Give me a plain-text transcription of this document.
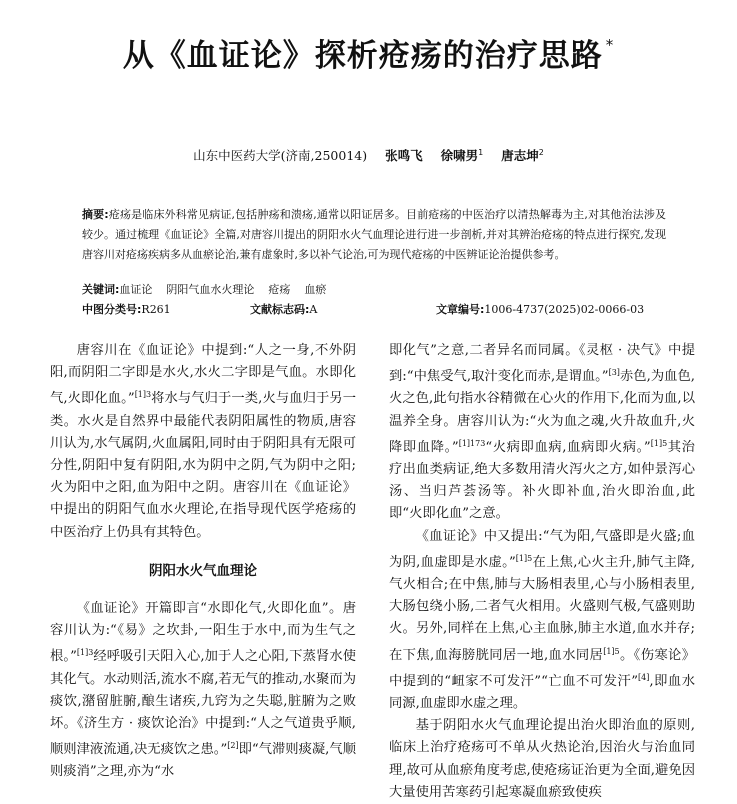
从《血证论》探析疮疡的治疗思路 *
山东中医药大学(济南,250014) 张鸣飞 徐啸男$^1$ 唐志坤$^2$
摘要:疮疡是临床外科常见病证,包括肿疡和溃疡,通常以阳证居多。目前疮疡的中医治疗以清热解毒为主,对其他治法涉及较少。通过梳理《血证论》全篇,对唐容川提出的阴阳水火气血理论进行进一步剖析,并对其辨治疮疡的特点进行探究,发现唐容川对疮疡疾病多从血瘀论治,兼有虚象时,多以补气论治,可为现代疮疡的中医辨证论治提供参考。
关键词:血证论 阴阳气血水火理论 疮疡 血瘀
中图分类号:R261	文献标志码:A	文章编号:1006-4737(2025)02-0066-03

唐容川在《血证论》中提到:“人之一身,不外阴阳,而阴阳二字即是水火,水火二字即是气血。水即化气,火即化血。”$^{[1]3}$将水与气归于一类,火与血归于另一类。水火是自然界中最能代表阴阳属性的物质,唐容川认为,水气属阴,火血属阳,同时由于阴阳具有无限可分性,阴阳中复有阴阳,水为阴中之阴,气为阴中之阳;火为阳中之阳,血为阳中之阴。唐容川在《血证论》中提出的阴阳气血水火理论,在指导现代医学疮疡的中医治疗上仍具有其特色。

阴阳水火气血理论

《血证论》开篇即言“水即化气,火即化血”。唐容川认为:“《易》之坎卦,一阳生于水中,而为生气之根。”$^{[1]3}$经呼吸引天阳入心,加于人之心阳,下蒸肾水使其化气。水动则活,流水不腐,若无气的推动,水聚而为痰饮,潴留脏腑,酿生诸疾,九窍为之失聪,脏腑为之败坏。《济生方 · 痰饮论治》中提到:“人之气道贵乎顺,顺则津液流通,决无痰饮之患。”[2]即“气滞则痰凝,气顺则痰消”之理,亦为“水

即化气”之意,二者异名而同属。《灵枢 · 决气》中提到:“中焦受气,取汁变化而赤,是谓血。”[3]赤色,为血色,火之色,此句指水谷精微在心火的作用下,化而为血,以温养全身。唐容川认为:“火为血之魂,火升故血升,火降即血降。”$^{[1]173}$“火病即血病,血病即火病。”$^{[1]5}$其治疗出血类病证,绝大多数用清火泻火之方,如仲景泻心汤、当归芦荟汤等。补火即补血,治火即治血,此即“火即化血”之意。

《血证论》中又提出:“气为阳,气盛即是火盛;血为阴,血虚即是水虚。”$^{[1]5}$在上焦,心火主升,肺气主降,气火相合;在中焦,肺与大肠相表里,心与小肠相表里,大肠包绕小肠,二者气火相用。火盛则气极,气盛则助火。另外,同样在上焦,心主血脉,肺主水道,血水并存;在下焦,血海膀胱同居一地,血水同居$^{[1]5}$。《伤寒论》中提到的“衄家不可发汗”“亡血不可发汗”[4],即血水同源,血虚即水虚之理。

基于阴阳水火气血理论提出治火即治血的原则,临床上治疗疮疡可不单从火热论治,因治火与治血同理,故可从血瘀角度考虑,使疮疡证治更为全面,避免因大量使用苦寒药引起寒凝血瘀致使疾
